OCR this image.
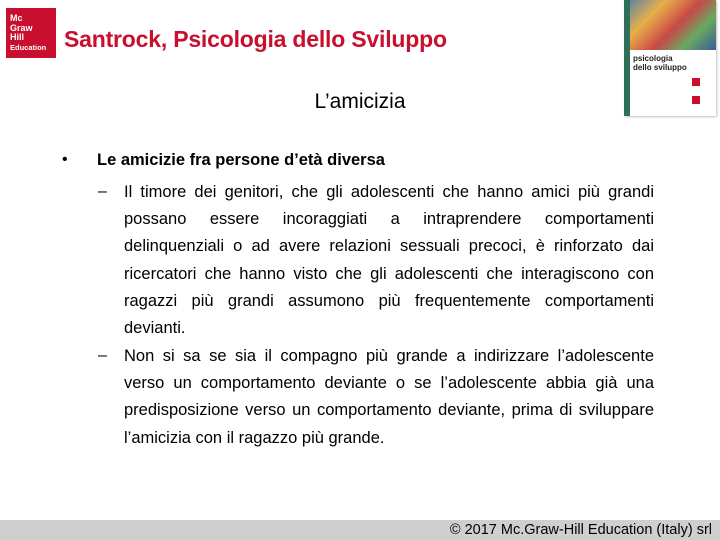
Mc
Graw
Hill
Education Santrock, Psicologia dello Sviluppo
psicologia
dello sviluppo
L’amicizia
• Le amicizie fra persone d’età diversa
– Il timore dei genitori, che gli adolescenti che hanno amici più grandi possano essere incoraggiati a intraprendere comportamenti delinquenziali o ad avere relazioni sessuali precoci, è rinforzato dai ricercatori che hanno visto che gli adolescenti che interagiscono con ragazzi più grandi assumono più frequentemente comportamenti devianti.
– Non si sa se sia il compagno più grande a indirizzare l’adolescente verso un comportamento deviante o se l’adolescente abbia già una predisposizione verso un comportamento deviante, prima di sviluppare l’amicizia con il ragazzo più grande.
© 2017 Mc.Graw-Hill Education (Italy) srl
